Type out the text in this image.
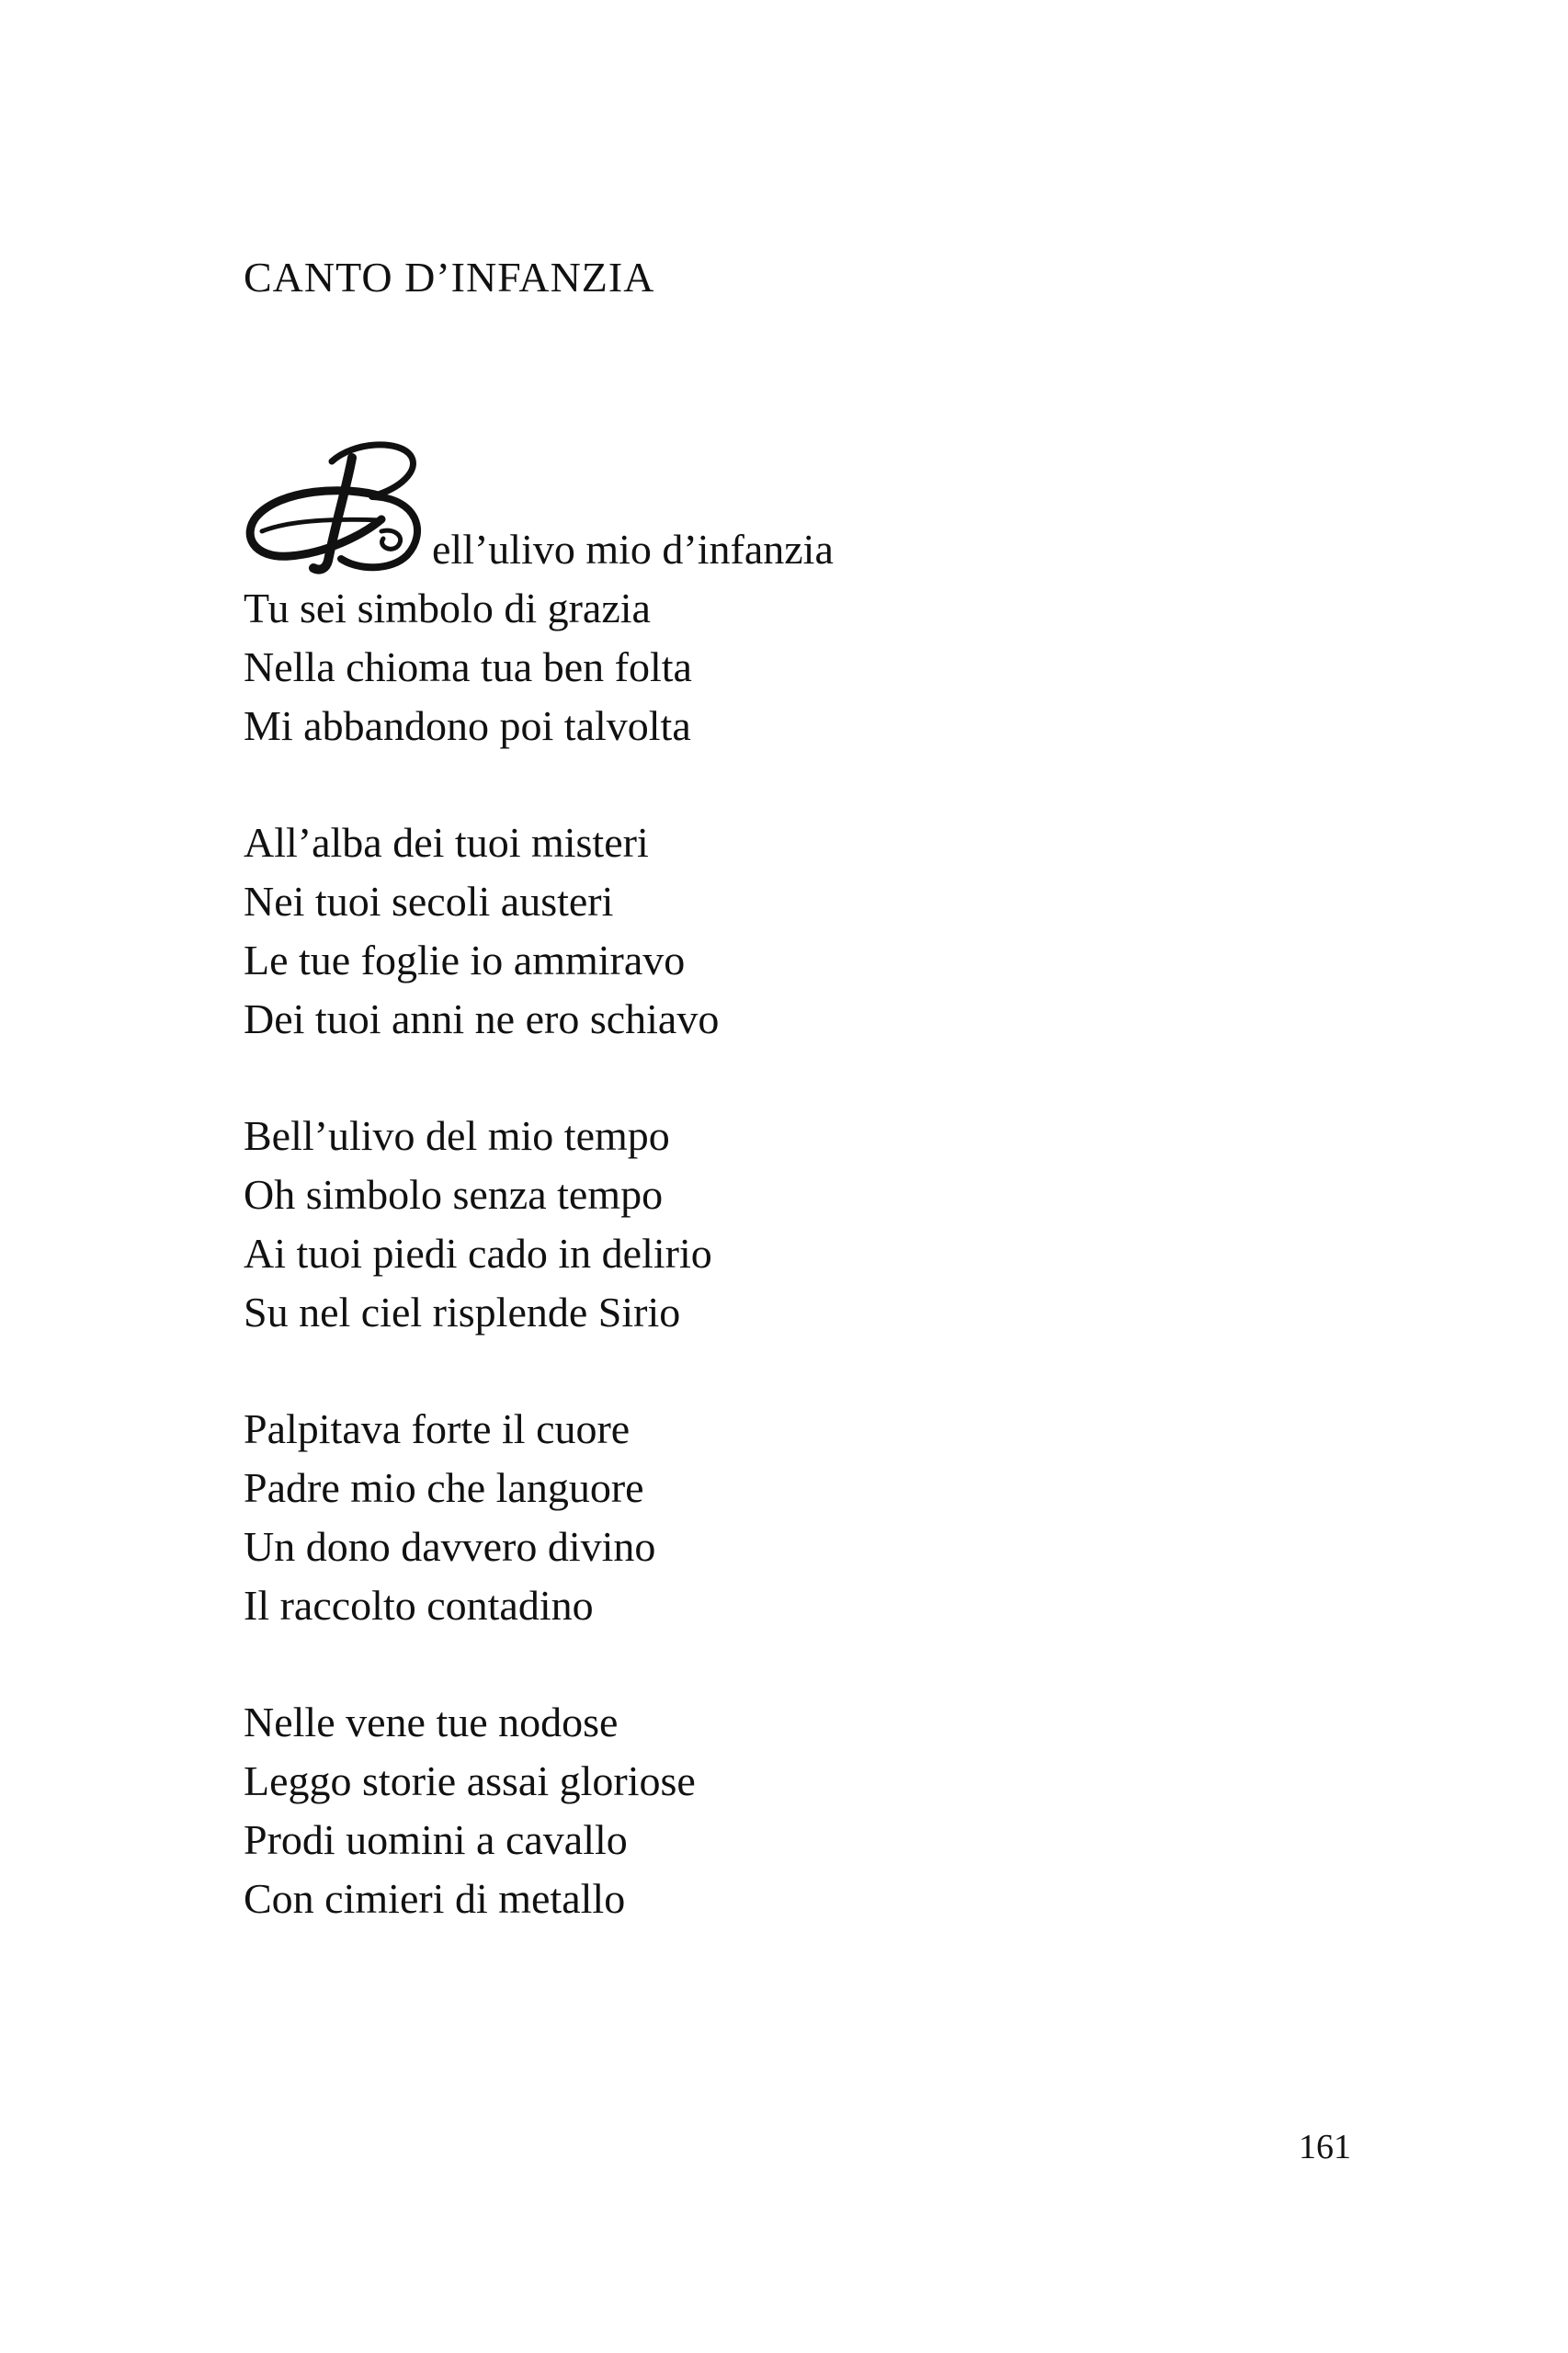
CANTO D’INFANZIA
ell’ulivo mio d’infanzia
Tu sei simbolo di grazia
Nella chioma tua ben folta
Mi abbandono poi talvolta
All’alba dei tuoi misteri
Nei tuoi secoli austeri
Le tue foglie io ammiravo
Dei tuoi anni ne ero schiavo
Bell’ulivo del mio tempo
Oh simbolo senza tempo
Ai tuoi piedi cado in delirio
Su nel ciel risplende Sirio
Palpitava forte il cuore
Padre mio che languore
Un dono davvero divino
Il raccolto contadino
Nelle vene tue nodose
Leggo storie assai gloriose
Prodi uomini a cavallo
Con cimieri di metallo
161
